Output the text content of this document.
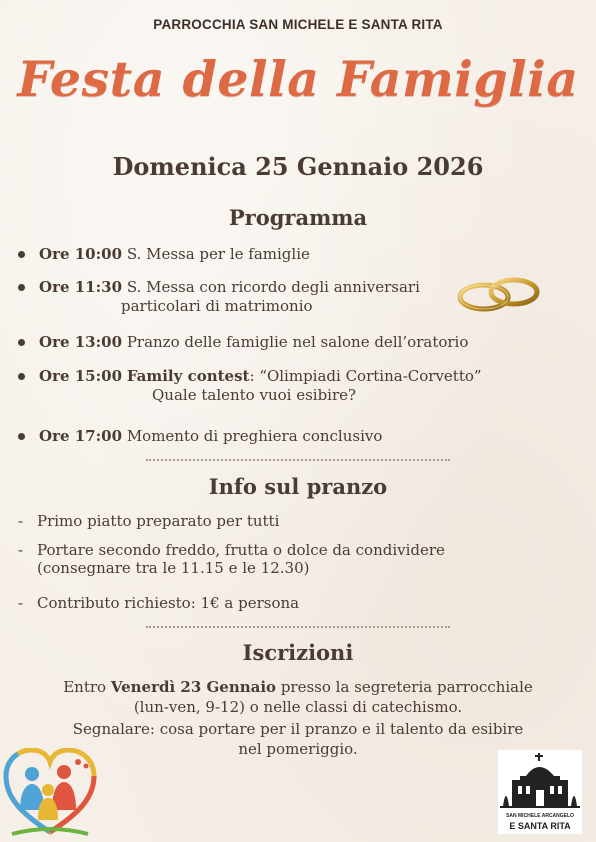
PARROCCHIA SAN MICHELE E SANTA RITA
Festa della Famiglia
Domenica 25 Gennaio 2026
Programma
Ore 10:00 S. Messa per le famiglie
Ore 11:30 S. Messa con ricordo degli anniversari
particolari di matrimonio
Ore 13:00 Pranzo delle famiglie nel salone dell’oratorio
Ore 15:00 Family contest: “Olimpiadi Cortina-Corvetto”
Quale talento vuoi esibire?
Ore 17:00 Momento di preghiera conclusivo
Info sul pranzo
- Primo piatto preparato per tutti
- Portare secondo freddo, frutta o dolce da condividere
(consegnare tra le 11.15 e le 12.30)
- Contributo richiesto: 1€ a persona
Iscrizioni
Entro Venerdì 23 Gennaio presso la segreteria parrocchiale
(lun-ven, 9-12) o nelle classi di catechismo.
Segnalare: cosa portare per il pranzo e il talento da esibire
nel pomeriggio.
SAN MICHELE ARCANGELO
E SANTA RITA
